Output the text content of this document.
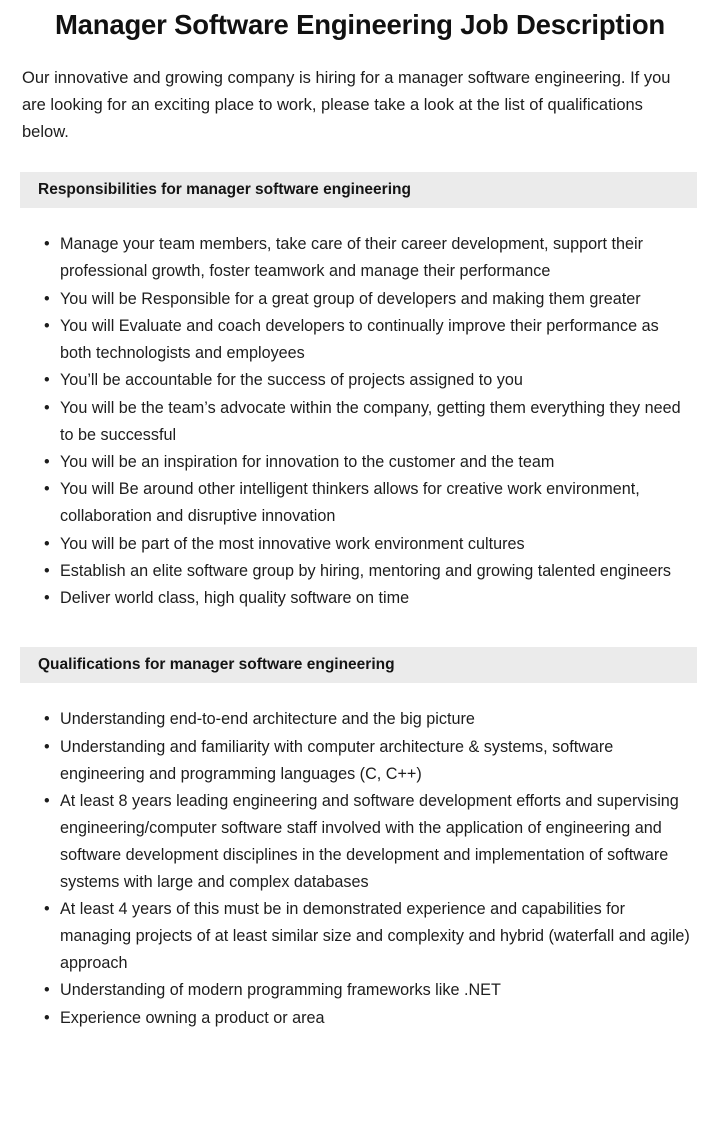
Manager Software Engineering Job Description

Our innovative and growing company is hiring for a manager software engineering. If you are looking for an exciting place to work, please take a look at the list of qualifications below.

Responsibilities for manager software engineering
• Manage your team members, take care of their career development, support their professional growth, foster teamwork and manage their performance
• You will be Responsible for a great group of developers and making them greater
• You will Evaluate and coach developers to continually improve their performance as both technologists and employees
• You’ll be accountable for the success of projects assigned to you
• You will be the team’s advocate within the company, getting them everything they need to be successful
• You will be an inspiration for innovation to the customer and the team
• You will Be around other intelligent thinkers allows for creative work environment, collaboration and disruptive innovation
• You will be part of the most innovative work environment cultures
• Establish an elite software group by hiring, mentoring and growing talented engineers
• Deliver world class, high quality software on time
Qualifications for manager software engineering
• Understanding end-to-end architecture and the big picture
• Understanding and familiarity with computer architecture & systems, software engineering and programming languages (C, C++)
• At least 8 years leading engineering and software development efforts and supervising engineering/computer software staff involved with the application of engineering and software development disciplines in the development and implementation of software systems with large and complex databases
• At least 4 years of this must be in demonstrated experience and capabilities for managing projects of at least similar size and complexity and hybrid (waterfall and agile) approach
• Understanding of modern programming frameworks like .NET
• Experience owning a product or area
